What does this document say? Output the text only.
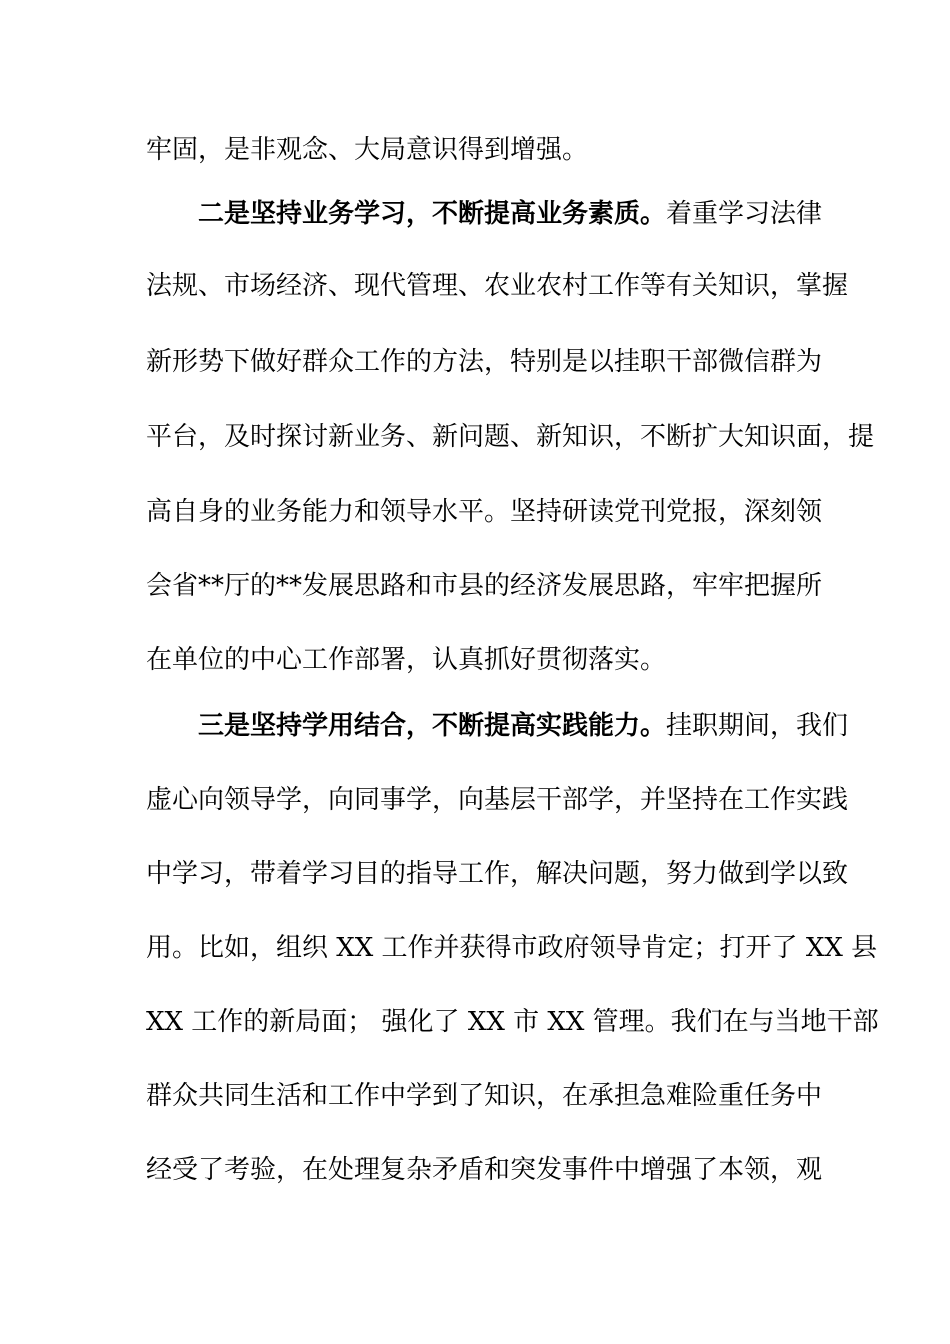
牢固，是非观念、大局意识得到增强。
二是坚持业务学习，不断提高业务素质。着重学习法律
法规、市场经济、现代管理、农业农村工作等有关知识，掌握
新形势下做好群众工作的方法，特别是以挂职干部微信群为
平台，及时探讨新业务、新问题、新知识，不断扩大知识面，提
高自身的业务能力和领导水平。坚持研读党刊党报，深刻领
会省**厅的**发展思路和市县的经济发展思路，牢牢把握所
在单位的中心工作部署，认真抓好贯彻落实。
三是坚持学用结合，不断提高实践能力。挂职期间，我们
虚心向领导学，向同事学，向基层干部学，并坚持在工作实践
中学习，带着学习目的指导工作，解决问题，努力做到学以致
用。比如，组织 XX 工作并获得市政府领导肯定；打开了 XX 县
XX 工作的新局面； 强化了 XX 市 XX 管理。我们在与当地干部
群众共同生活和工作中学到了知识，在承担急难险重任务中
经受了考验，在处理复杂矛盾和突发事件中增强了本领，观
